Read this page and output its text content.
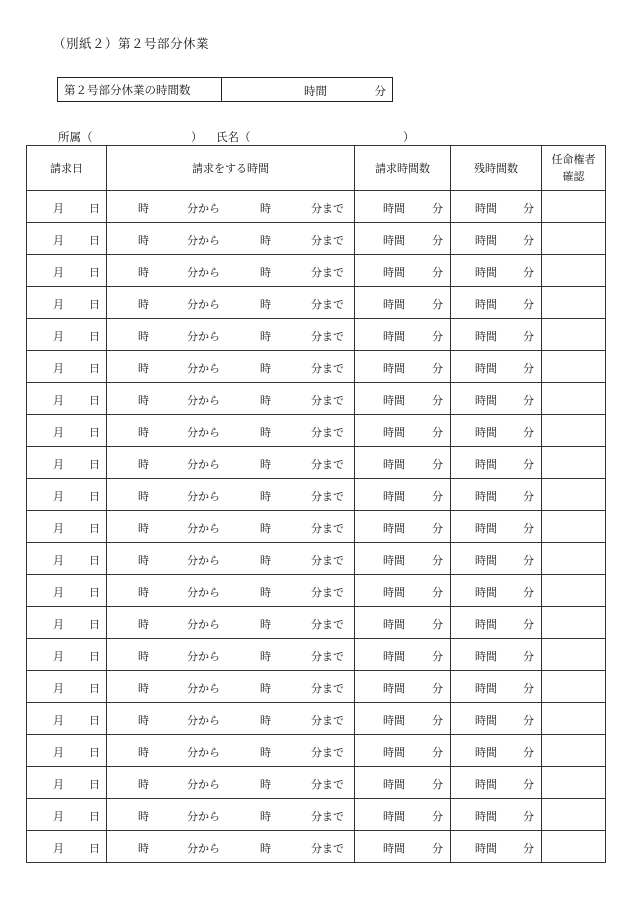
（別紙２）第２号部分休業
第２号部分休業の時間数	時間	分
所属（	） 氏名（	）
請求日	請求をする時間	請求時間数	残時間数	任命権者
確認

月 日	時 分から 時 分まで	時間 分	時間 分	

月 日	時 分から 時 分まで	時間 分	時間 分	

月 日	時 分から 時 分まで	時間 分	時間 分	

月 日	時 分から 時 分まで	時間 分	時間 分	

月 日	時 分から 時 分まで	時間 分	時間 分	

月 日	時 分から 時 分まで	時間 分	時間 分	

月 日	時 分から 時 分まで	時間 分	時間 分	

月 日	時 分から 時 分まで	時間 分	時間 分	

月 日	時 分から 時 分まで	時間 分	時間 分	

月 日	時 分から 時 分まで	時間 分	時間 分	

月 日	時 分から 時 分まで	時間 分	時間 分	

月 日	時 分から 時 分まで	時間 分	時間 分	

月 日	時 分から 時 分まで	時間 分	時間 分	

月 日	時 分から 時 分まで	時間 分	時間 分	

月 日	時 分から 時 分まで	時間 分	時間 分	

月 日	時 分から 時 分まで	時間 分	時間 分	

月 日	時 分から 時 分まで	時間 分	時間 分	

月 日	時 分から 時 分まで	時間 分	時間 分	

月 日	時 分から 時 分まで	時間 分	時間 分	

月 日	時 分から 時 分まで	時間 分	時間 分	

月 日	時 分から 時 分まで	時間 分	時間 分	
